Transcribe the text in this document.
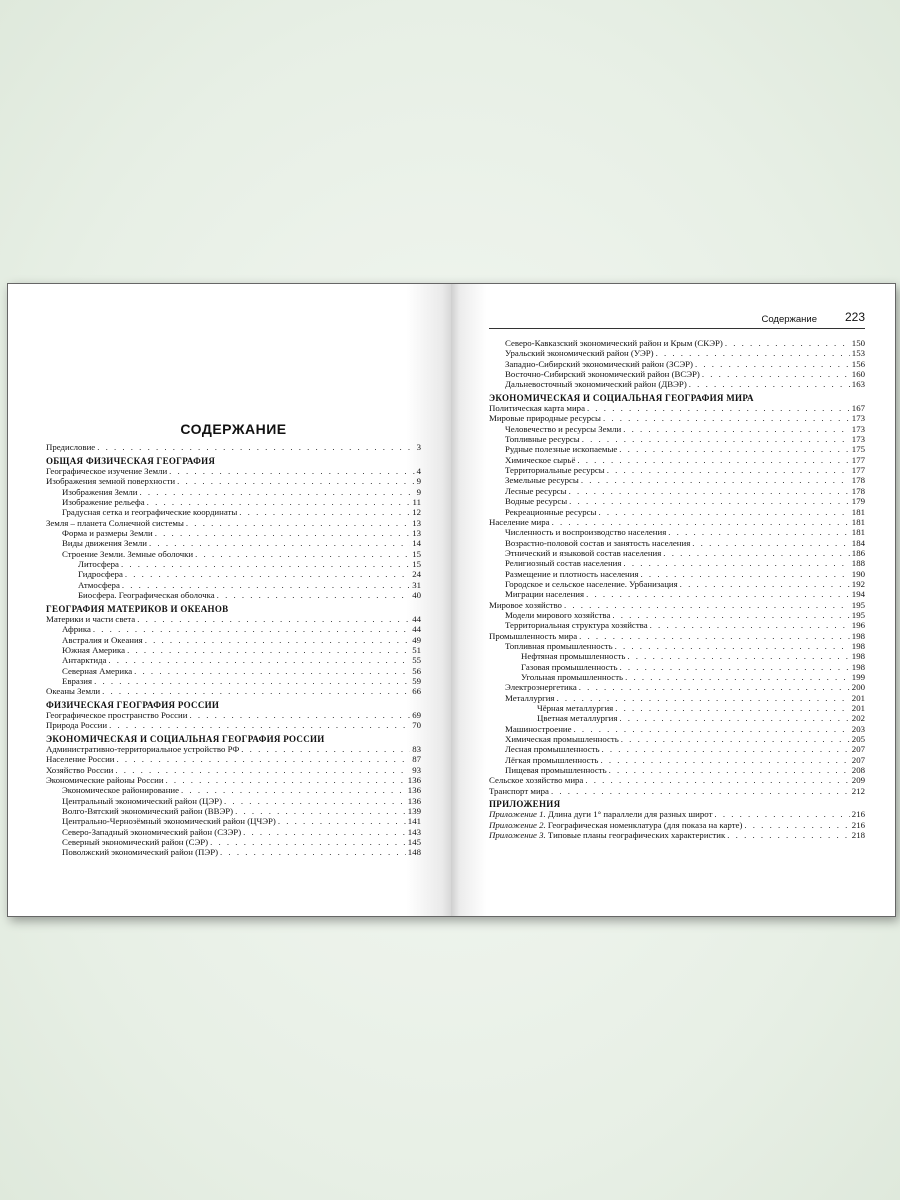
СОДЕРЖАНИЕ
Предисловие . . .	3
ОБЩАЯ ФИЗИЧЕСКАЯ ГЕОГРАФИЯ
Географическое изучение Земли . . .	4
Изображения земной поверхности . . .	9
Изображения Земли . . .	9
Изображение рельефа . . .	11
Градусная сетка и географические координаты . . .	12
Земля – планета Солнечной системы . . .	13
Форма и размеры Земли . . .	13
Виды движения Земли . . .	14
Строение Земли. Земные оболочки . . .	15
Литосфера . . .	15
Гидросфера . . .	24
Атмосфера . . .	31
Биосфера. Географическая оболочка . . .	40
ГЕОГРАФИЯ МАТЕРИКОВ И ОКЕАНОВ
Материки и части света . . .	44
Африка . . .	44
Австралия и Океания . . .	49
Южная Америка . . .	51
Антарктида . . .	55
Северная Америка . . .	56
Евразия . . .	59
Океаны Земли . . .	66
ФИЗИЧЕСКАЯ ГЕОГРАФИЯ РОССИИ
Географическое пространство России . . .	69
Природа России . . .	70
ЭКОНОМИЧЕСКАЯ И СОЦИАЛЬНАЯ ГЕОГРАФИЯ РОССИИ
Административно-территориальное устройство РФ . . .	83
Население России . . .	87
Хозяйство России . . .	93
Экономические районы России . . .	136
Экономическое районирование . . .	136
Центральный экономический район (ЦЭР) . . .	136
Волго-Вятский экономический район (ВВЭР) . . .	139
Центрально-Чернозёмный экономический район (ЦЧЭР) . . .	141
Северо-Западный экономический район (СЗЭР) . . .	143
Северный экономический район (СЭР) . . .	145
Поволжский экономический район (ПЭР) . . .	148
Содержание 223
Северо-Кавказский экономический район и Крым (СКЭР) . . .	150
Уральский экономический район (УЭР) . . .	153
Западно-Сибирский экономический район (ЗСЭР) . . .	156
Восточно-Сибирский экономический район (ВСЭР) . . .	160
Дальневосточный экономический район (ДВЭР) . . .	163
ЭКОНОМИЧЕСКАЯ И СОЦИАЛЬНАЯ ГЕОГРАФИЯ МИРА
Политическая карта мира . . .	167
Мировые природные ресурсы . . .	173
Человечество и ресурсы Земли . . .	173
Топливные ресурсы . . .	173
Рудные полезные ископаемые . . .	175
Химическое сырьё . . .	177
Территориальные ресурсы . . .	177
Земельные ресурсы . . .	178
Лесные ресурсы . . .	178
Водные ресурсы . . .	179
Рекреационные ресурсы . . .	181
Население мира . . .	181
Численность и воспроизводство населения . . .	181
Возрастно-половой состав и занятость населения . . .	184
Этнический и языковой состав населения . . .	186
Религиозный состав населения . . .	188
Размещение и плотность населения . . .	190
Городское и сельское население. Урбанизация . . .	192
Миграции населения . . .	194
Мировое хозяйство . . .	195
Модели мирового хозяйства . . .	195
Территориальная структура хозяйства . . .	196
Промышленность мира . . .	198
Топливная промышленность . . .	198
Нефтяная промышленность . . .	198
Газовая промышленность . . .	198
Угольная промышленность . . .	199
Электроэнергетика . . .	200
Металлургия . . .	201
Чёрная металлургия . . .	201
Цветная металлургия . . .	202
Машиностроение . . .	203
Химическая промышленность . . .	205
Лесная промышленность . . .	207
Лёгкая промышленность . . .	207
Пищевая промышленность . . .	208
Сельское хозяйство мира . . .	209
Транспорт мира . . .	212
ПРИЛОЖЕНИЯ
Приложение 1. Длина дуги 1° параллели для разных широт . . .	216
Приложение 2. Географическая номенклатура (для показа на карте) . . .	216
Приложение 3. Типовые планы географических характеристик . . .	218
